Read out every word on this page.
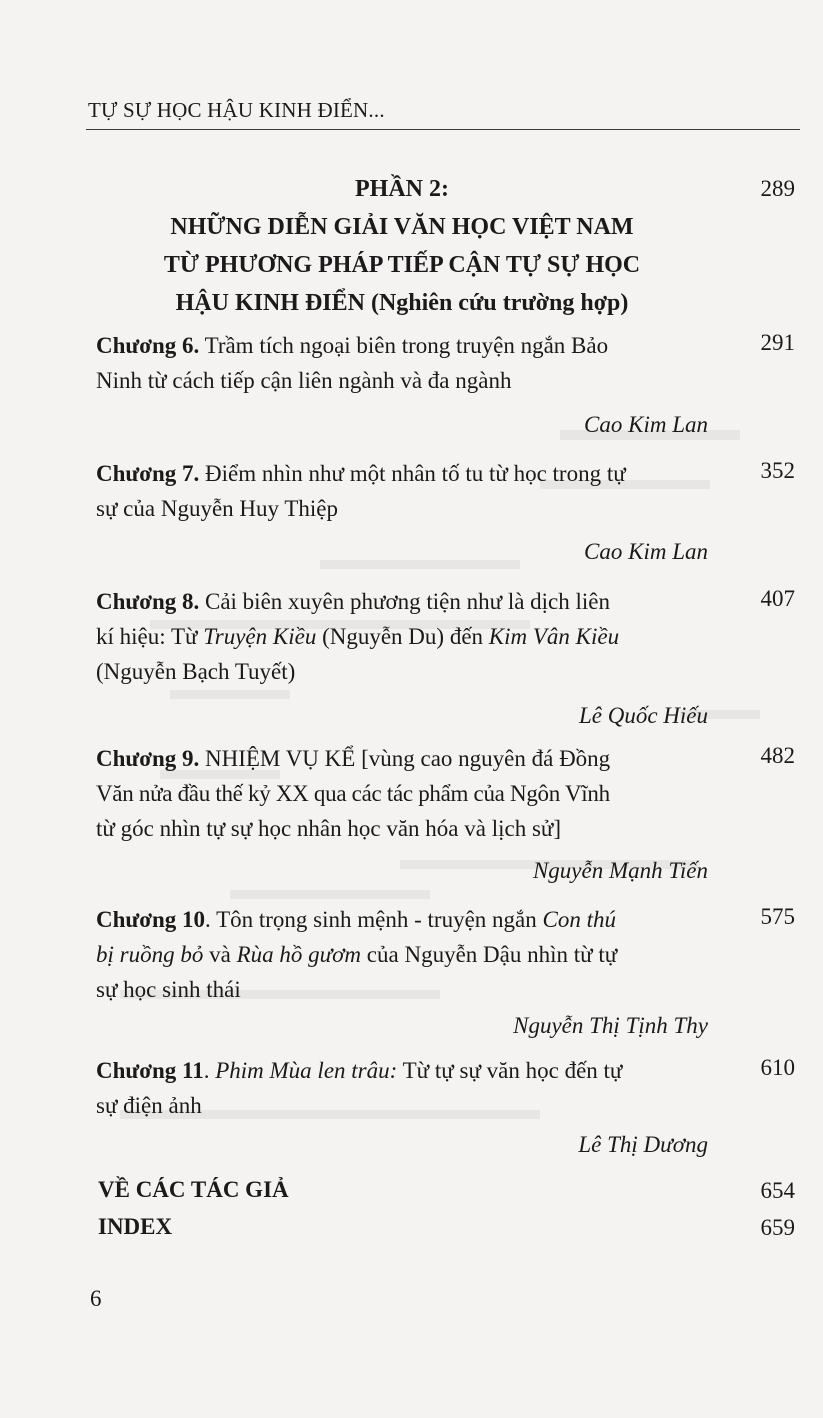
TỰ SỰ HỌC HẬU KINH ĐIỂN...
PHẦN 2:
NHỮNG DIỄN GIẢI VĂN HỌC VIỆT NAM
TỪ PHƯƠNG PHÁP TIẾP CẬN TỰ SỰ HỌC
HẬU KINH ĐIỂN (Nghiên cứu trường hợp)
289
Chương 6. Trầm tích ngoại biên trong truyện ngắn Bảo
Ninh từ cách tiếp cận liên ngành và đa ngành
291
Cao Kim Lan
Chương 7. Điểm nhìn như một nhân tố tu từ học trong tự
sự của Nguyễn Huy Thiệp
352
Cao Kim Lan
Chương 8. Cải biên xuyên phương tiện như là dịch liên
kí hiệu: Từ Truyện Kiều (Nguyễn Du) đến Kim Vân Kiều
(Nguyễn Bạch Tuyết)
407
Lê Quốc Hiếu
Chương 9. NHIỆM VỤ KỂ [vùng cao nguyên đá Đồng
Văn nửa đầu thế kỷ XX qua các tác phẩm của Ngôn Vĩnh
từ góc nhìn tự sự học nhân học văn hóa và lịch sử]
482
Nguyễn Mạnh Tiến
Chương 10. Tôn trọng sinh mệnh - truyện ngắn Con thú
bị ruồng bỏ và Rùa hồ gươm của Nguyễn Dậu nhìn từ tự
sự học sinh thái
575
Nguyễn Thị Tịnh Thy
Chương 11. Phim Mùa len trâu: Từ tự sự văn học đến tự
sự điện ảnh
610
Lê Thị Dương
VỀ CÁC TÁC GIẢ	654
INDEX	659
6
